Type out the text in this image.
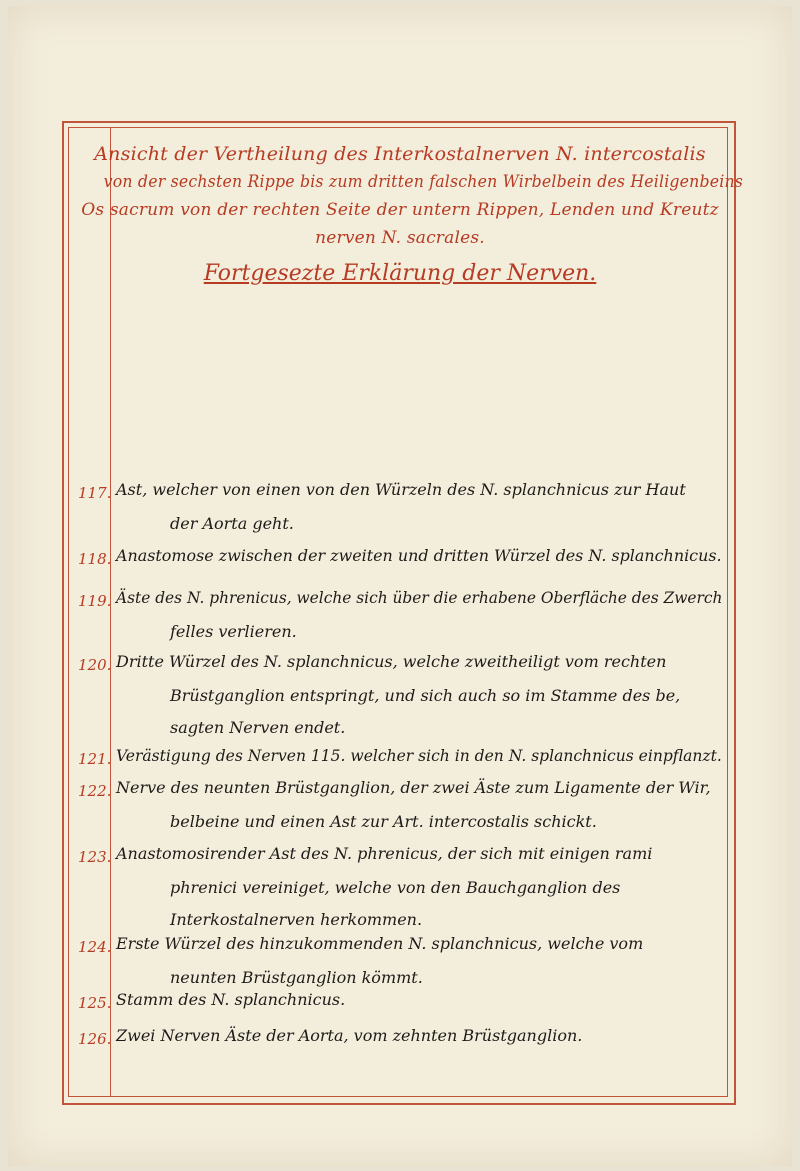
Ansicht der Vertheilung des Interkostalnerven N. intercostalis
von der sechsten Rippe bis zum dritten falschen Wirbelbein des Heiligenbeins
Os sacrum von der rechten Seite der untern Rippen, Lenden und Kreutz
nerven N. sacrales.
Fortgesezte Erklärung der Nerven.
117. Ast, welcher von einen von den Würzeln des N. splanchnicus zur Haut
der Aorta geht.
118. Anastomose zwischen der zweiten und dritten Würzel des N. splanchnicus.
119. Äste des N. phrenicus, welche sich über die erhabene Oberfläche des Zwerch
felles verlieren.
120. Dritte Würzel des N. splanchnicus, welche zweitheiligt vom rechten
Brüstganglion entspringt, und sich auch so im Stamme des be,
sagten Nerven endet.
121. Verästigung des Nerven 115. welcher sich in den N. splanchnicus einpflanzt.
122. Nerve des neunten Brüstganglion, der zwei Äste zum Ligamente der Wir,
belbeine und einen Ast zur Art. intercostalis schickt.
123. Anastomosirender Ast des N. phrenicus, der sich mit einigen rami
phrenici vereiniget, welche von den Bauchganglion des
Interkostalnerven herkommen.
124. Erste Würzel des hinzukommenden N. splanchnicus, welche vom
neunten Brüstganglion kömmt.
125. Stamm des N. splanchnicus.
126. Zwei Nerven Äste der Aorta, vom zehnten Brüstganglion.
